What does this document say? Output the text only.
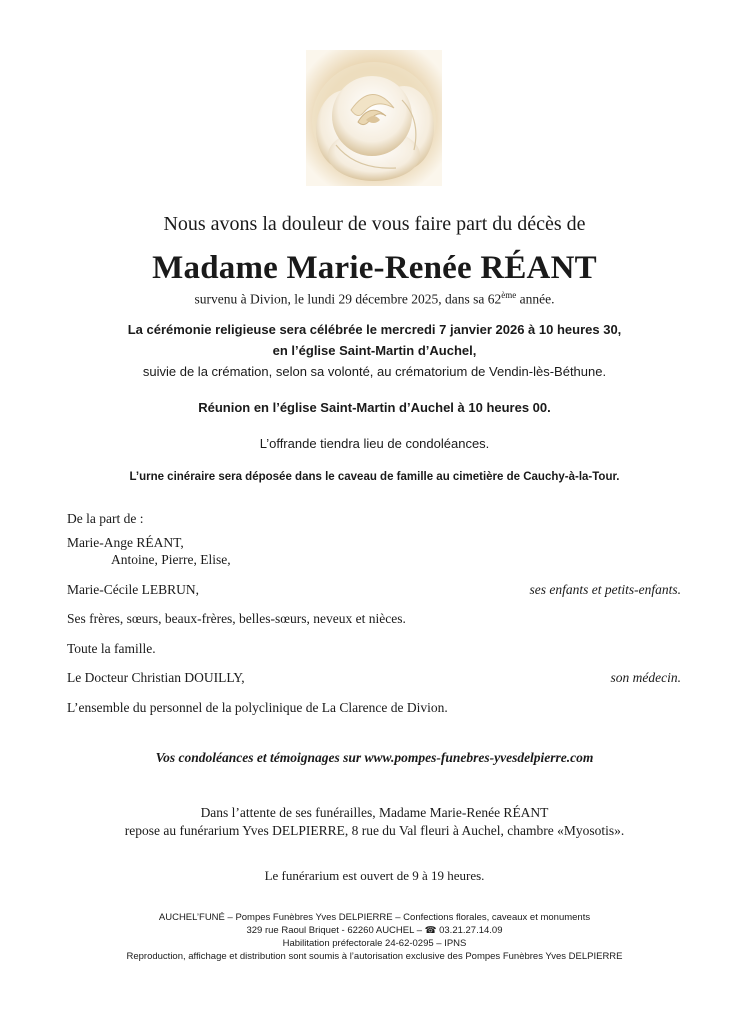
Nous avons la douleur de vous faire part du décès de
Madame Marie-Renée RÉANT
survenu à Divion, le lundi 29 décembre 2025, dans sa 62ème année.
La cérémonie religieuse sera célébrée le mercredi 7 janvier 2026 à 10 heures 30,
en l’église Saint-Martin d’Auchel,
suivie de la crémation, selon sa volonté, au crématorium de Vendin-lès-Béthune.
Réunion en l’église Saint-Martin d’Auchel à 10 heures 00.
L’offrande tiendra lieu de condoléances.
L’urne cinéraire sera déposée dans le caveau de famille au cimetière de Cauchy-à-la-Tour.
De la part de :
Marie-Ange RÉANT,
Antoine, Pierre, Elise,
Marie-Cécile LEBRUN,	ses enfants et petits-enfants.
Ses frères, sœurs, beaux-frères, belles-sœurs, neveux et nièces.
Toute la famille.
Le Docteur Christian DOUILLY,	son médecin.
L’ensemble du personnel de la polyclinique de La Clarence de Divion.
Vos condoléances et témoignages sur www.pompes-funebres-yvesdelpierre.com
Dans l’attente de ses funérailles, Madame Marie-Renée RÉANT
repose au funérarium Yves DELPIERRE, 8 rue du Val fleuri à Auchel, chambre «Myosotis».
Le funérarium est ouvert de 9 à 19 heures.
AUCHEL’FUNÉ – Pompes Funèbres Yves DELPIERRE – Confections florales, caveaux et monuments
329 rue Raoul Briquet - 62260 AUCHEL – ☎ 03.21.27.14.09
Habilitation préfectorale 24-62-0295 – IPNS
Reproduction, affichage et distribution sont soumis à l’autorisation exclusive des Pompes Funèbres Yves DELPIERRE
